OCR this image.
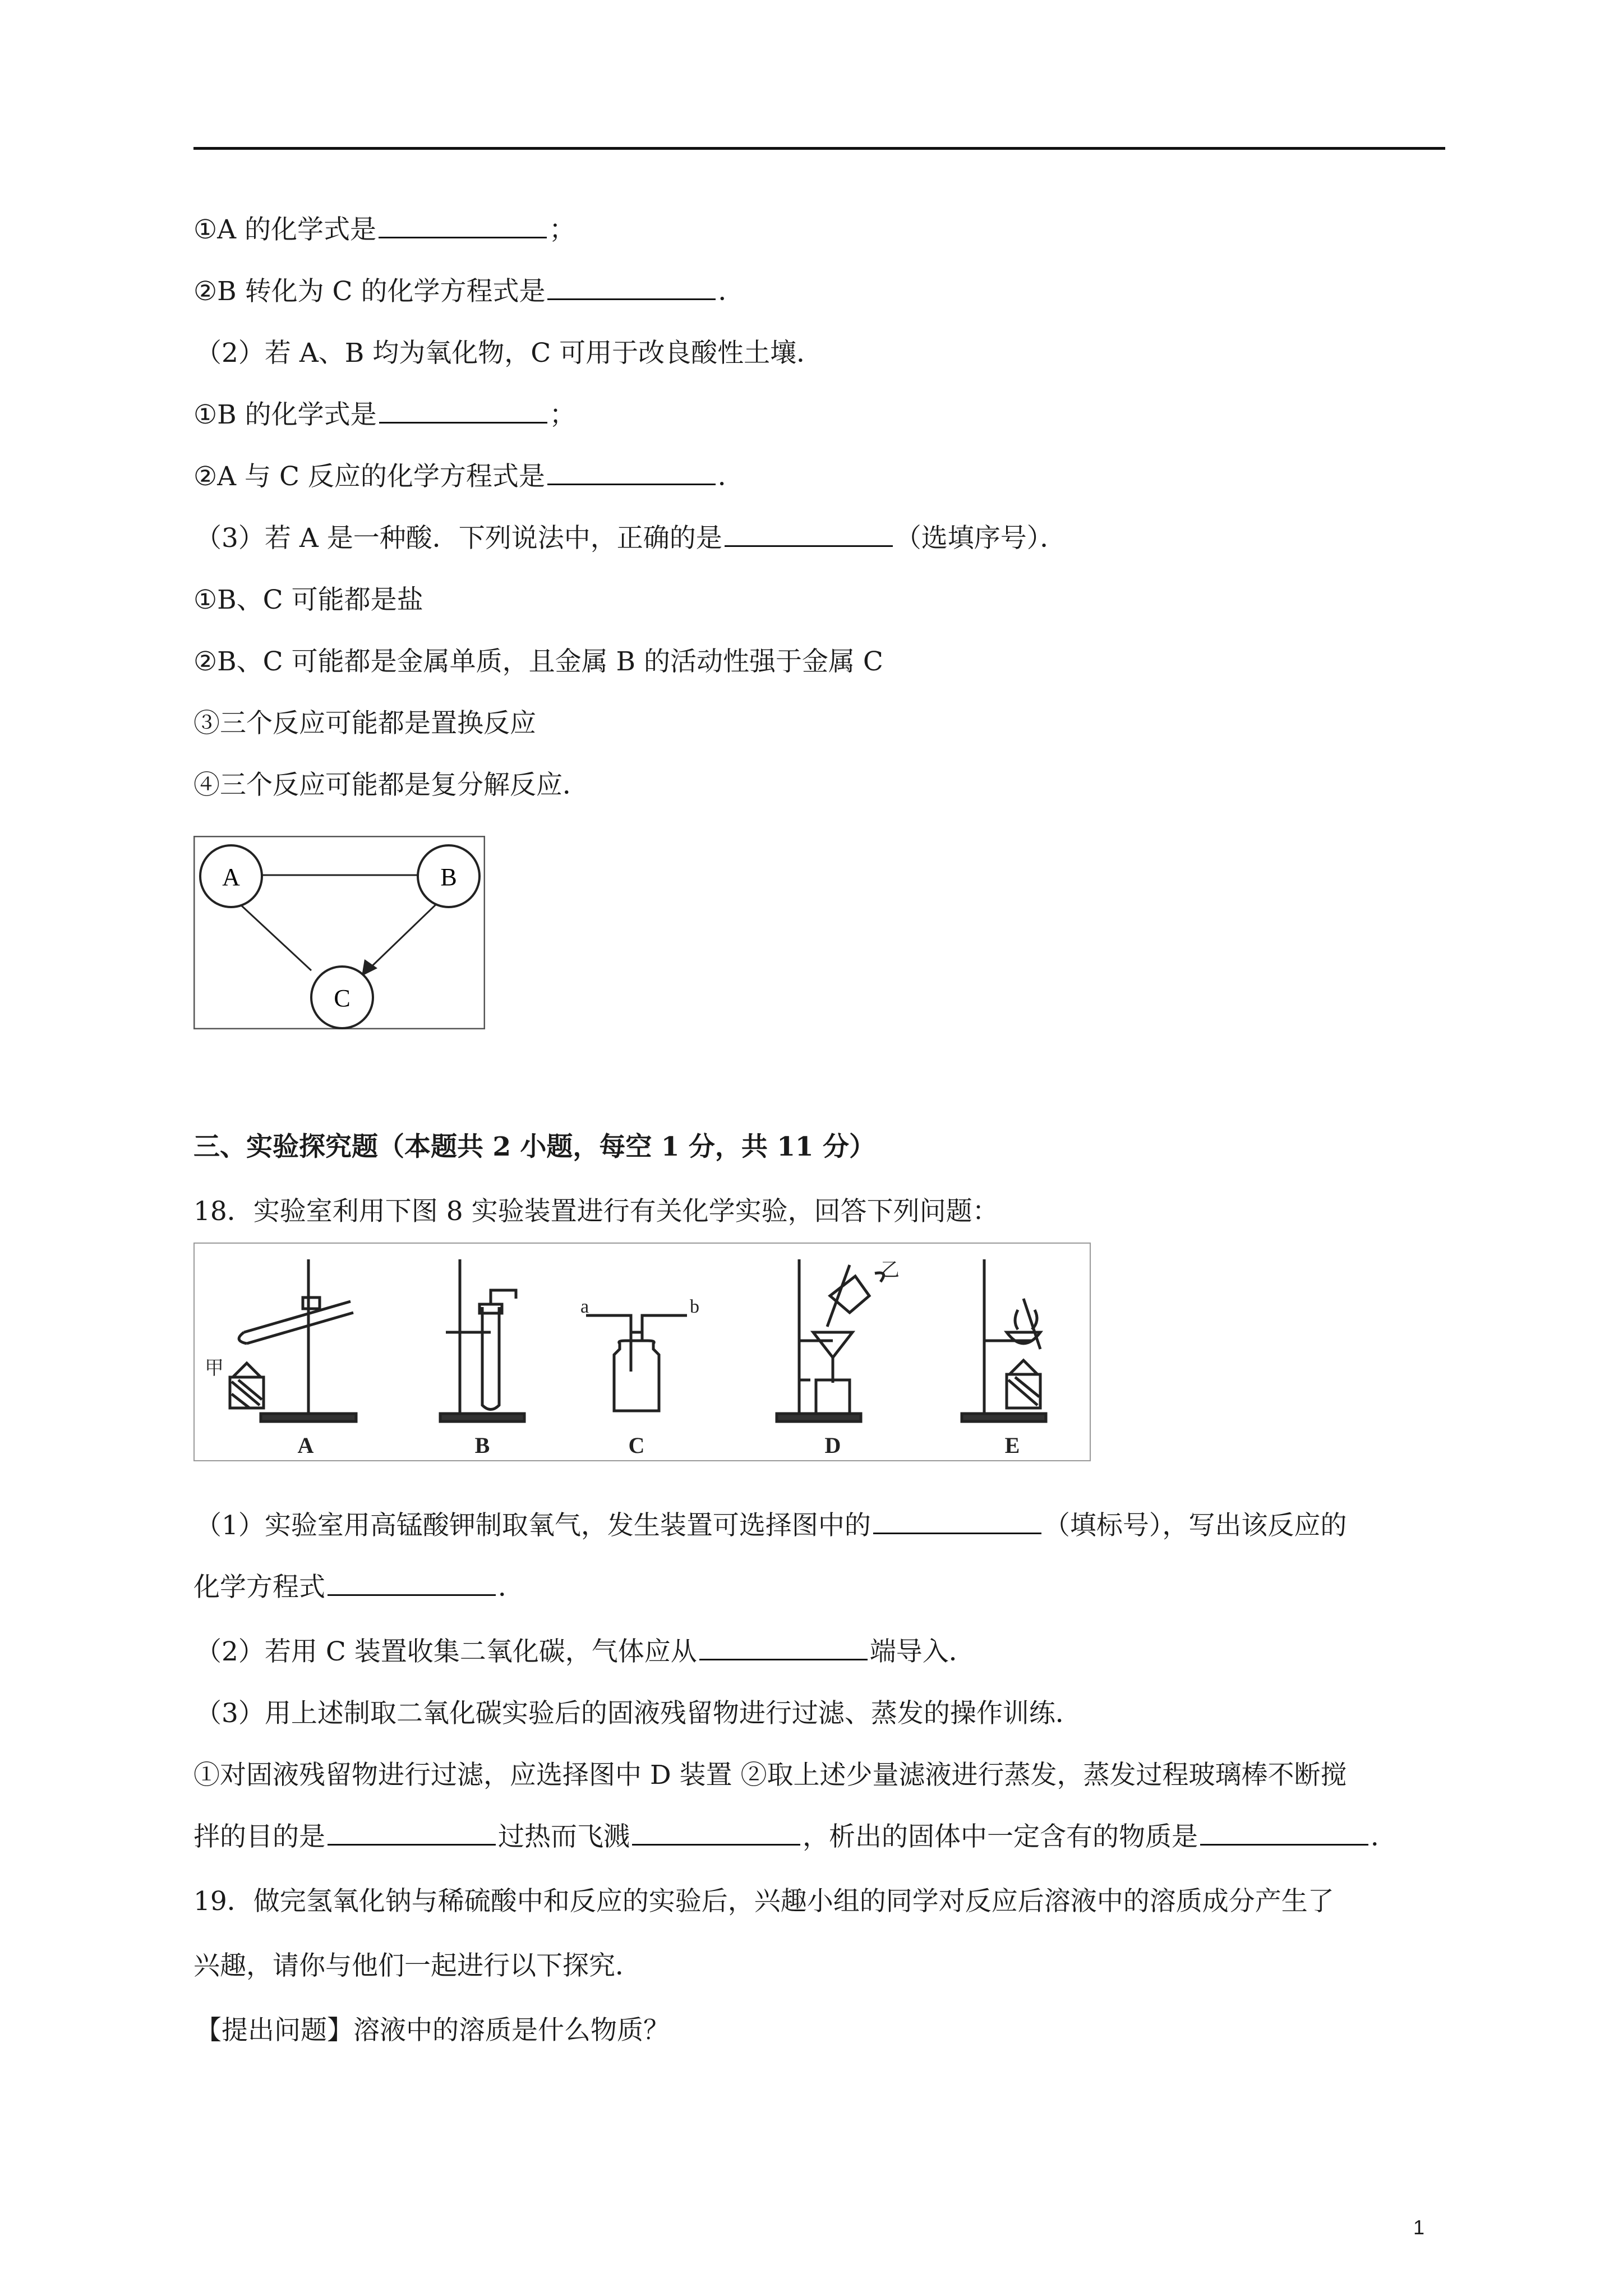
①A 的化学式是	；
②B 转化为 C 的化学方程式是	．
（2）若 A、B 均为氧化物，C 可用于改良酸性土壤．
①B 的化学式是	；
②A 与 C 反应的化学方程式是	．
（3）若 A 是一种酸．下列说法中，正确的是	（选填序号）．
①B、C 可能都是盐
②B、C 可能都是金属单质，且金属 B 的活动性强于金属 C
③三个反应可能都是置换反应
④三个反应可能都是复分解反应．
A	B
C
三、实验探究题（本题共 2 小题，每空 1 分，共 11 分）
18．实验室利用下图 8 实验装置进行有关化学实验，回答下列问题：
A	B	C	D	E
甲
乙
a	b
（1）实验室用高锰酸钾制取氧气，发生装置可选择图中的	（填标号），写出该反应的
化学方程式	．
（2）若用 C 装置收集二氧化碳，气体应从	端导入．
（3）用上述制取二氧化碳实验后的固液残留物进行过滤、蒸发的操作训练．
①对固液残留物进行过滤，应选择图中 D 装置 ②取上述少量滤液进行蒸发，蒸发过程玻璃棒不断搅
拌的目的是	过热而飞溅	，析出的固体中一定含有的物质是	．
19．做完氢氧化钠与稀硫酸中和反应的实验后，兴趣小组的同学对反应后溶液中的溶质成分产生了
兴趣，请你与他们一起进行以下探究．
【提出问题】溶液中的溶质是什么物质？
1
